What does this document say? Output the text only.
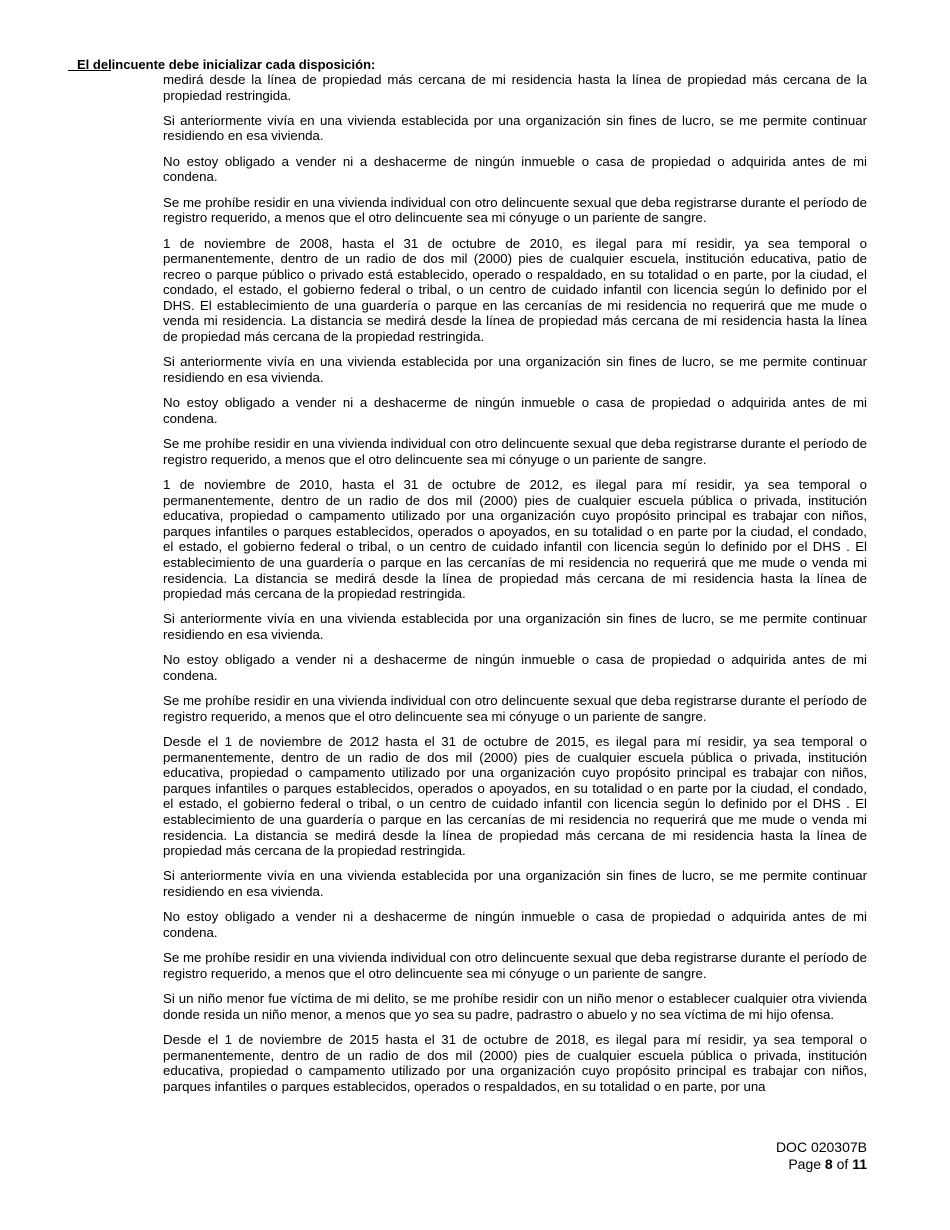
El delincuente debe inicializar cada disposición:

medirá desde la línea de propiedad más cercana de mi residencia hasta la línea de propiedad más cercana de la propiedad restringida.

Si anteriormente vivía en una vivienda establecida por una organización sin fines de lucro, se me permite continuar residiendo en esa vivienda.

No estoy obligado a vender ni a deshacerme de ningún inmueble o casa de propiedad o adquirida antes de mi condena.

Se me prohíbe residir en una vivienda individual con otro delincuente sexual que deba registrarse durante el período de registro requerido, a menos que el otro delincuente sea mi cónyuge o un pariente de sangre.

1 de noviembre de 2008, hasta el 31 de octubre de 2010, es ilegal para mí residir, ya sea temporal o permanentemente, dentro de un radio de dos mil (2000) pies de cualquier escuela, institución educativa, patio de recreo o parque público o privado está establecido, operado o respaldado, en su totalidad o en parte, por la ciudad, el condado, el estado, el gobierno federal o tribal, o un centro de cuidado infantil con licencia según lo definido por el DHS. El establecimiento de una guardería o parque en las cercanías de mi residencia no requerirá que me mude o venda mi residencia. La distancia se medirá desde la línea de propiedad más cercana de mi residencia hasta la línea de propiedad más cercana de la propiedad restringida.

Si anteriormente vivía en una vivienda establecida por una organización sin fines de lucro, se me permite continuar residiendo en esa vivienda.

No estoy obligado a vender ni a deshacerme de ningún inmueble o casa de propiedad o adquirida antes de mi condena.

Se me prohíbe residir en una vivienda individual con otro delincuente sexual que deba registrarse durante el período de registro requerido, a menos que el otro delincuente sea mi cónyuge o un pariente de sangre.

1 de noviembre de 2010, hasta el 31 de octubre de 2012, es ilegal para mí residir, ya sea temporal o permanentemente, dentro de un radio de dos mil (2000) pies de cualquier escuela pública o privada, institución educativa, propiedad o campamento utilizado por una organización cuyo propósito principal es trabajar con niños, parques infantiles o parques establecidos, operados o apoyados, en su totalidad o en parte por la ciudad, el condado, el estado, el gobierno federal o tribal, o un centro de cuidado infantil con licencia según lo definido por el DHS . El establecimiento de una guardería o parque en las cercanías de mi residencia no requerirá que me mude o venda mi residencia. La distancia se medirá desde la línea de propiedad más cercana de mi residencia hasta la línea de propiedad más cercana de la propiedad restringida.

Si anteriormente vivía en una vivienda establecida por una organización sin fines de lucro, se me permite continuar residiendo en esa vivienda.

No estoy obligado a vender ni a deshacerme de ningún inmueble o casa de propiedad o adquirida antes de mi condena.

Se me prohíbe residir en una vivienda individual con otro delincuente sexual que deba registrarse durante el período de registro requerido, a menos que el otro delincuente sea mi cónyuge o un pariente de sangre.

Desde el 1 de noviembre de 2012 hasta el 31 de octubre de 2015, es ilegal para mí residir, ya sea temporal o permanentemente, dentro de un radio de dos mil (2000) pies de cualquier escuela pública o privada, institución educativa, propiedad o campamento utilizado por una organización cuyo propósito principal es trabajar con niños, parques infantiles o parques establecidos, operados o apoyados, en su totalidad o en parte por la ciudad, el condado, el estado, el gobierno federal o tribal, o un centro de cuidado infantil con licencia según lo definido por el DHS . El establecimiento de una guardería o parque en las cercanías de mi residencia no requerirá que me mude o venda mi residencia. La distancia se medirá desde la línea de propiedad más cercana de mi residencia hasta la línea de propiedad más cercana de la propiedad restringida.

Si anteriormente vivía en una vivienda establecida por una organización sin fines de lucro, se me permite continuar residiendo en esa vivienda.

No estoy obligado a vender ni a deshacerme de ningún inmueble o casa de propiedad o adquirida antes de mi condena.

Se me prohíbe residir en una vivienda individual con otro delincuente sexual que deba registrarse durante el período de registro requerido, a menos que el otro delincuente sea mi cónyuge o un pariente de sangre.

Si un niño menor fue víctima de mi delito, se me prohíbe residir con un niño menor o establecer cualquier otra vivienda donde resida un niño menor, a menos que yo sea su padre, padrastro o abuelo y no sea víctima de mi hijo ofensa.

Desde el 1 de noviembre de 2015 hasta el 31 de octubre de 2018, es ilegal para mí residir, ya sea temporal o permanentemente, dentro de un radio de dos mil (2000) pies de cualquier escuela pública o privada, institución educativa, propiedad o campamento utilizado por una organización cuyo propósito principal es trabajar con niños, parques infantiles o parques establecidos, operados o respaldados, en su totalidad o en parte, por una

DOC 020307B
Page 8 of 11
